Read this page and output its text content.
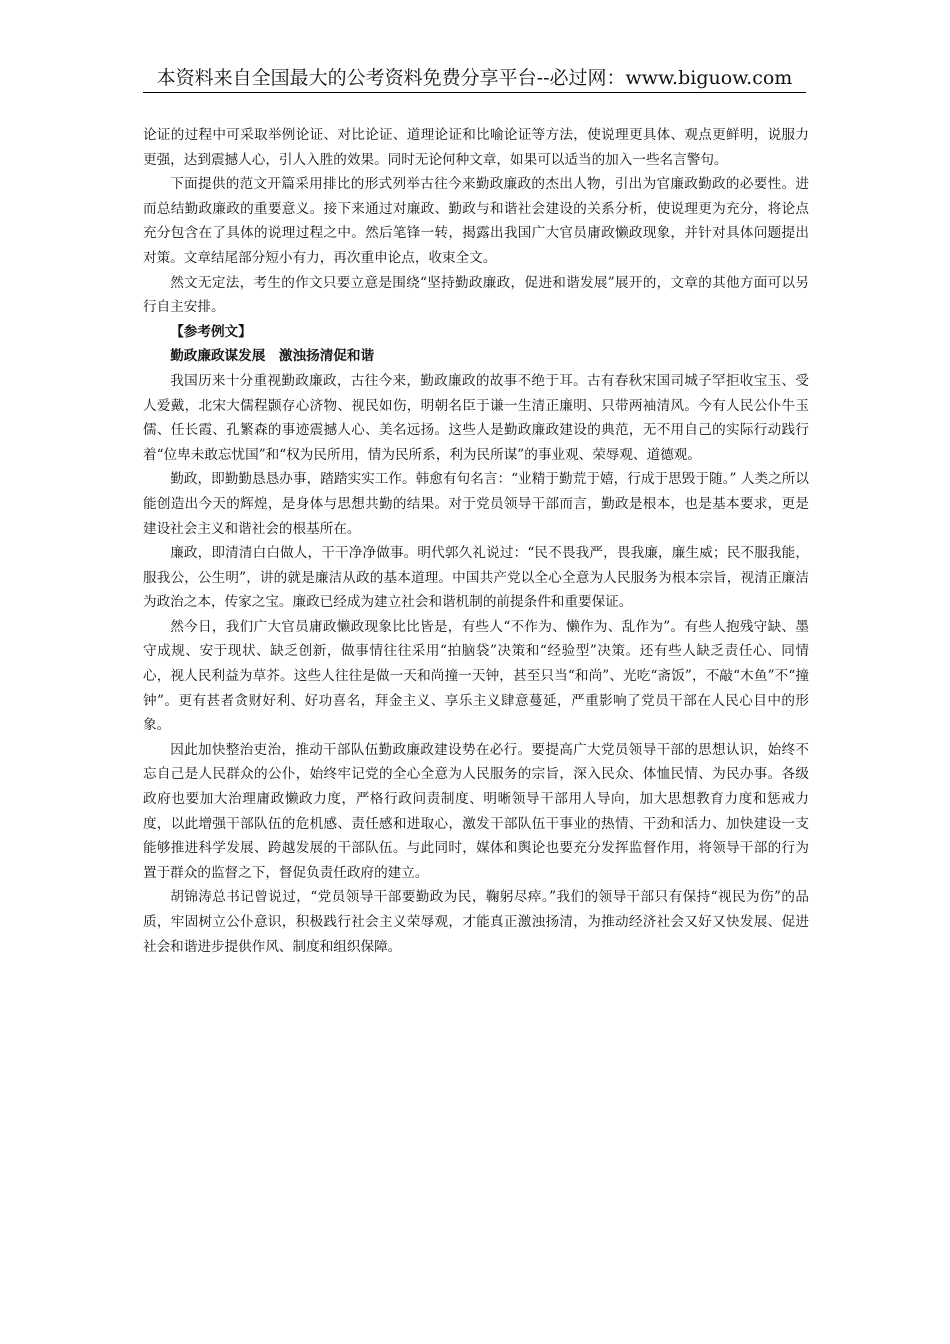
本资料来自全国最大的公考资料免费分享平台--必过网：www.biguow.com

论证的过程中可采取举例论证、对比论证、道理论证和比喻论证等方法，使说理更具体、观点更鲜明，说服力更强，达到震撼人心，引人入胜的效果。同时无论何种文章，如果可以适当的加入一些名言警句。

下面提供的范文开篇采用排比的形式列举古往今来勤政廉政的杰出人物，引出为官廉政勤政的必要性。进而总结勤政廉政的重要意义。接下来通过对廉政、勤政与和谐社会建设的关系分析，使说理更为充分，将论点充分包含在了具体的说理过程之中。然后笔锋一转，揭露出我国广大官员庸政懒政现象，并针对具体问题提出对策。文章结尾部分短小有力，再次重申论点，收束全文。

然文无定法，考生的作文只要立意是围绕“坚持勤政廉政，促进和谐发展”展开的，文章的其他方面可以另行自主安排。

【参考例文】

勤政廉政谋发展　激浊扬清促和谐

我国历来十分重视勤政廉政，古往今来，勤政廉政的故事不绝于耳。古有春秋宋国司城子罕拒收宝玉、受人爱戴，北宋大儒程颢存心济物、视民如伤，明朝名臣于谦一生清正廉明、只带两袖清风。今有人民公仆牛玉儒、任长霞、孔繁森的事迹震撼人心、美名远扬。这些人是勤政廉政建设的典范，无不用自己的实际行动践行着“位卑未敢忘忧国”和“权为民所用，情为民所系，利为民所谋”的事业观、荣辱观、道德观。

勤政，即勤勤恳恳办事，踏踏实实工作。韩愈有句名言：“业精于勤荒于嬉，行成于思毁于随。” 人类之所以能创造出今天的辉煌，是身体与思想共勤的结果。对于党员领导干部而言，勤政是根本，也是基本要求，更是建设社会主义和谐社会的根基所在。

廉政，即清清白白做人，干干净净做事。明代郭久礼说过：“民不畏我严，畏我廉，廉生威；民不服我能，服我公，公生明”，讲的就是廉洁从政的基本道理。中国共产党以全心全意为人民服务为根本宗旨，视清正廉洁为政治之本，传家之宝。廉政已经成为建立社会和谐机制的前提条件和重要保证。

然今日，我们广大官员庸政懒政现象比比皆是，有些人“不作为、懒作为、乱作为”。有些人抱残守缺、墨守成规、安于现状、缺乏创新，做事情往往采用“拍脑袋”决策和“经验型”决策。还有些人缺乏责任心、同情心，视人民利益为草芥。这些人往往是做一天和尚撞一天钟，甚至只当“和尚”、光吃“斋饭”，不敲“木鱼”不“撞钟”。更有甚者贪财好利、好功喜名，拜金主义、享乐主义肆意蔓延，严重影响了党员干部在人民心目中的形象。

因此加快整治吏治，推动干部队伍勤政廉政建设势在必行。要提高广大党员领导干部的思想认识，始终不忘自己是人民群众的公仆，始终牢记党的全心全意为人民服务的宗旨，深入民众、体恤民情、为民办事。各级政府也要加大治理庸政懒政力度，严格行政问责制度、明晰领导干部用人导向，加大思想教育力度和惩戒力度，以此增强干部队伍的危机感、责任感和进取心，激发干部队伍干事业的热情、干劲和活力、加快建设一支能够推进科学发展、跨越发展的干部队伍。与此同时，媒体和舆论也要充分发挥监督作用，将领导干部的行为置于群众的监督之下，督促负责任政府的建立。

胡锦涛总书记曾说过，“党员领导干部要勤政为民，鞠躬尽瘁。”我们的领导干部只有保持“视民为伤”的品质，牢固树立公仆意识，积极践行社会主义荣辱观，才能真正激浊扬清，为推动经济社会又好又快发展、促进社会和谐进步提供作风、制度和组织保障。
